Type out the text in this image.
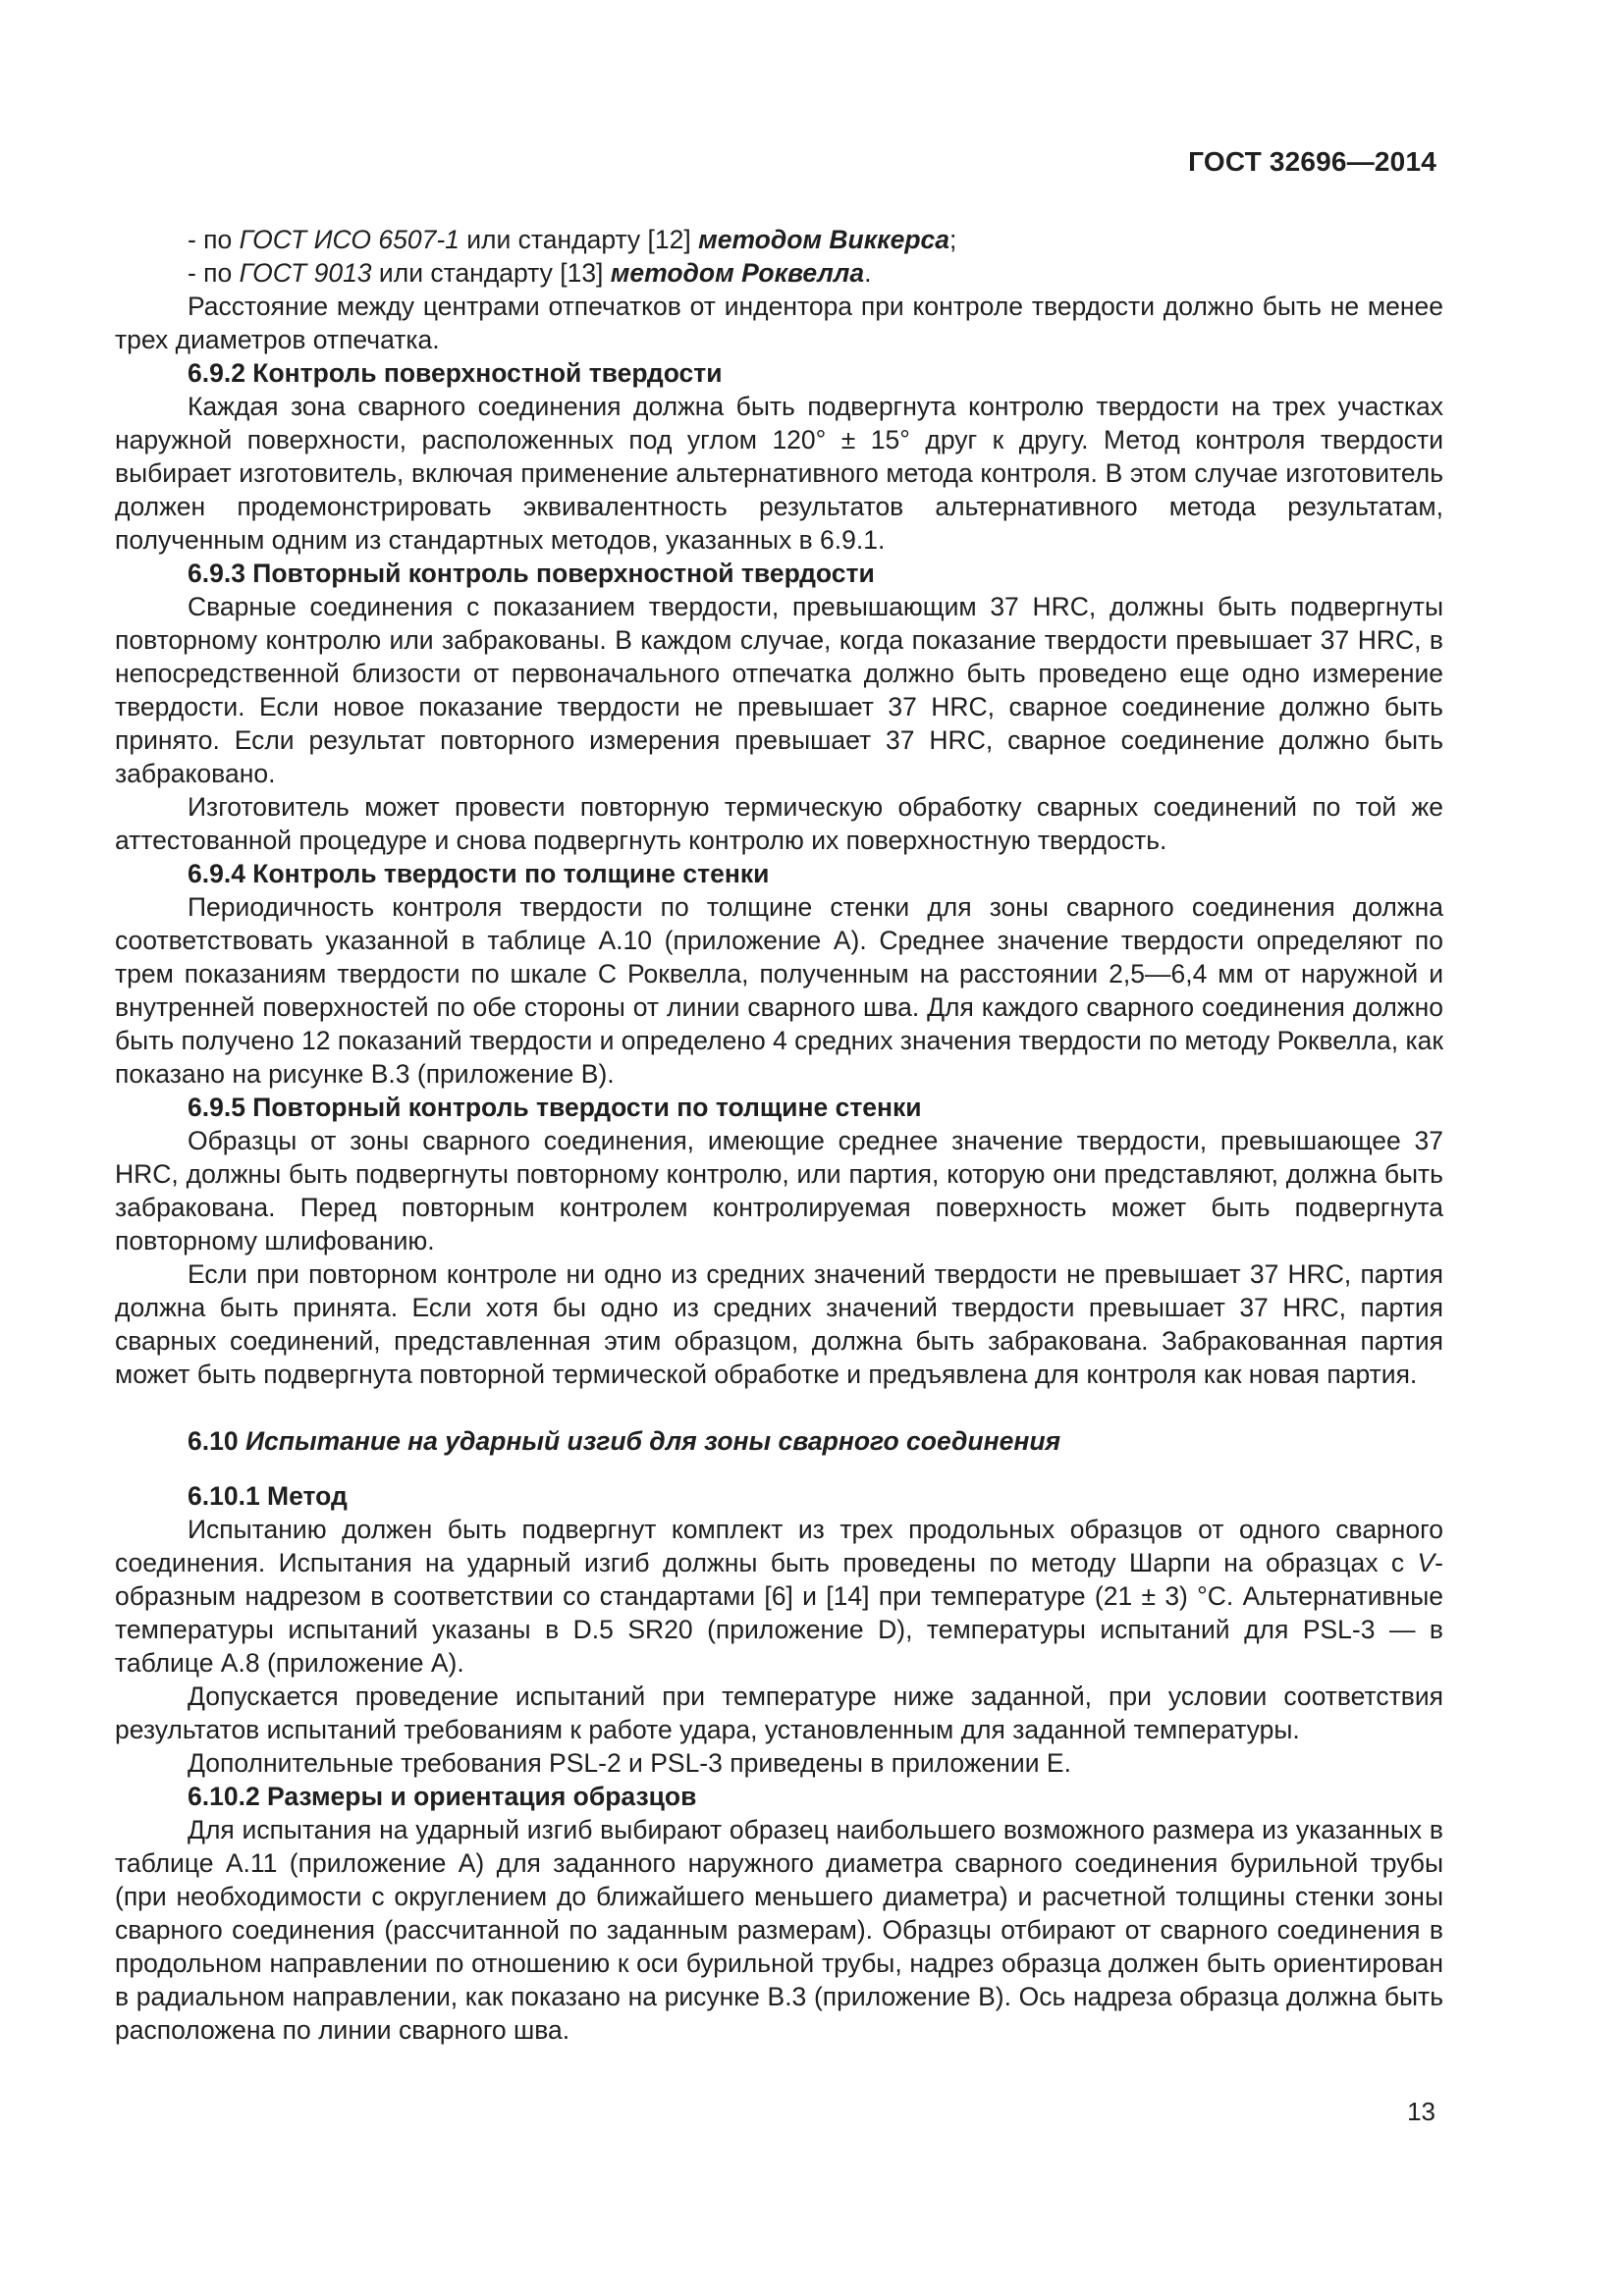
ГОСТ 32696—2014

- по ГОСТ ИСО 6507-1 или стандарту [12] методом Виккерса;

- по ГОСТ 9013 или стандарту [13] методом Роквелла.

Расстояние между центрами отпечатков от индентора при контроле твердости должно быть не менее трех диаметров отпечатка.

6.9.2 Контроль поверхностной твердости

Каждая зона сварного соединения должна быть подвергнута контролю твердости на трех участках наружной поверхности, расположенных под углом 120° ± 15° друг к другу. Метод контроля твердости выбирает изготовитель, включая применение альтернативного метода контроля. В этом случае изготовитель должен продемонстрировать эквивалентность результатов альтернативного метода результатам, полученным одним из стандартных методов, указанных в 6.9.1.

6.9.3 Повторный контроль поверхностной твердости

Сварные соединения с показанием твердости, превышающим 37 HRC, должны быть подвергнуты повторному контролю или забракованы. В каждом случае, когда показание твердости превышает 37 HRC, в непосредственной близости от первоначального отпечатка должно быть проведено еще одно измерение твердости. Если новое показание твердости не превышает 37 HRC, сварное соединение должно быть принято. Если результат повторного измерения превышает 37 HRC, сварное соединение должно быть забраковано.

Изготовитель может провести повторную термическую обработку сварных соединений по той же аттестованной процедуре и снова подвергнуть контролю их поверхностную твердость.

6.9.4 Контроль твердости по толщине стенки

Периодичность контроля твердости по толщине стенки для зоны сварного соединения должна соответствовать указанной в таблице А.10 (приложение А). Среднее значение твердости определяют по трем показаниям твердости по шкале С Роквелла, полученным на расстоянии 2,5—6,4 мм от наружной и внутренней поверхностей по обе стороны от линии сварного шва. Для каждого сварного соединения должно быть получено 12 показаний твердости и определено 4 средних значения твердости по методу Роквелла, как показано на рисунке В.3 (приложение В).

6.9.5 Повторный контроль твердости по толщине стенки

Образцы от зоны сварного соединения, имеющие среднее значение твердости, превышающее 37 HRC, должны быть подвергнуты повторному контролю, или партия, которую они представляют, должна быть забракована. Перед повторным контролем контролируемая поверхность может быть подвергнута повторному шлифованию.

Если при повторном контроле ни одно из средних значений твердости не превышает 37 HRC, партия должна быть принята. Если хотя бы одно из средних значений твердости превышает 37 HRC, партия сварных соединений, представленная этим образцом, должна быть забракована. Забракованная партия может быть подвергнута повторной термической обработке и предъявлена для контроля как новая партия.

6.10 Испытание на ударный изгиб для зоны сварного соединения
6.10.1 Метод

Испытанию должен быть подвергнут комплект из трех продольных образцов от одного сварного соединения. Испытания на ударный изгиб должны быть проведены по методу Шарпи на образцах с V-образным надрезом в соответствии со стандартами [6] и [14] при температуре (21 ± 3) °С. Альтернативные температуры испытаний указаны в D.5 SR20 (приложение D), температуры испытаний для PSL-3 — в таблице А.8 (приложение А).

Допускается проведение испытаний при температуре ниже заданной, при условии соответствия результатов испытаний требованиям к работе удара, установленным для заданной температуры.

Дополнительные требования PSL-2 и PSL-3 приведены в приложении Е.

6.10.2 Размеры и ориентация образцов

Для испытания на ударный изгиб выбирают образец наибольшего возможного размера из указанных в таблице А.11 (приложение А) для заданного наружного диаметра сварного соединения бурильной трубы (при необходимости с округлением до ближайшего меньшего диаметра) и расчетной толщины стенки зоны сварного соединения (рассчитанной по заданным размерам). Образцы отбирают от сварного соединения в продольном направлении по отношению к оси бурильной трубы, надрез образца должен быть ориентирован в радиальном направлении, как показано на рисунке В.3 (приложение В). Ось надреза образца должна быть расположена по линии сварного шва.

13
